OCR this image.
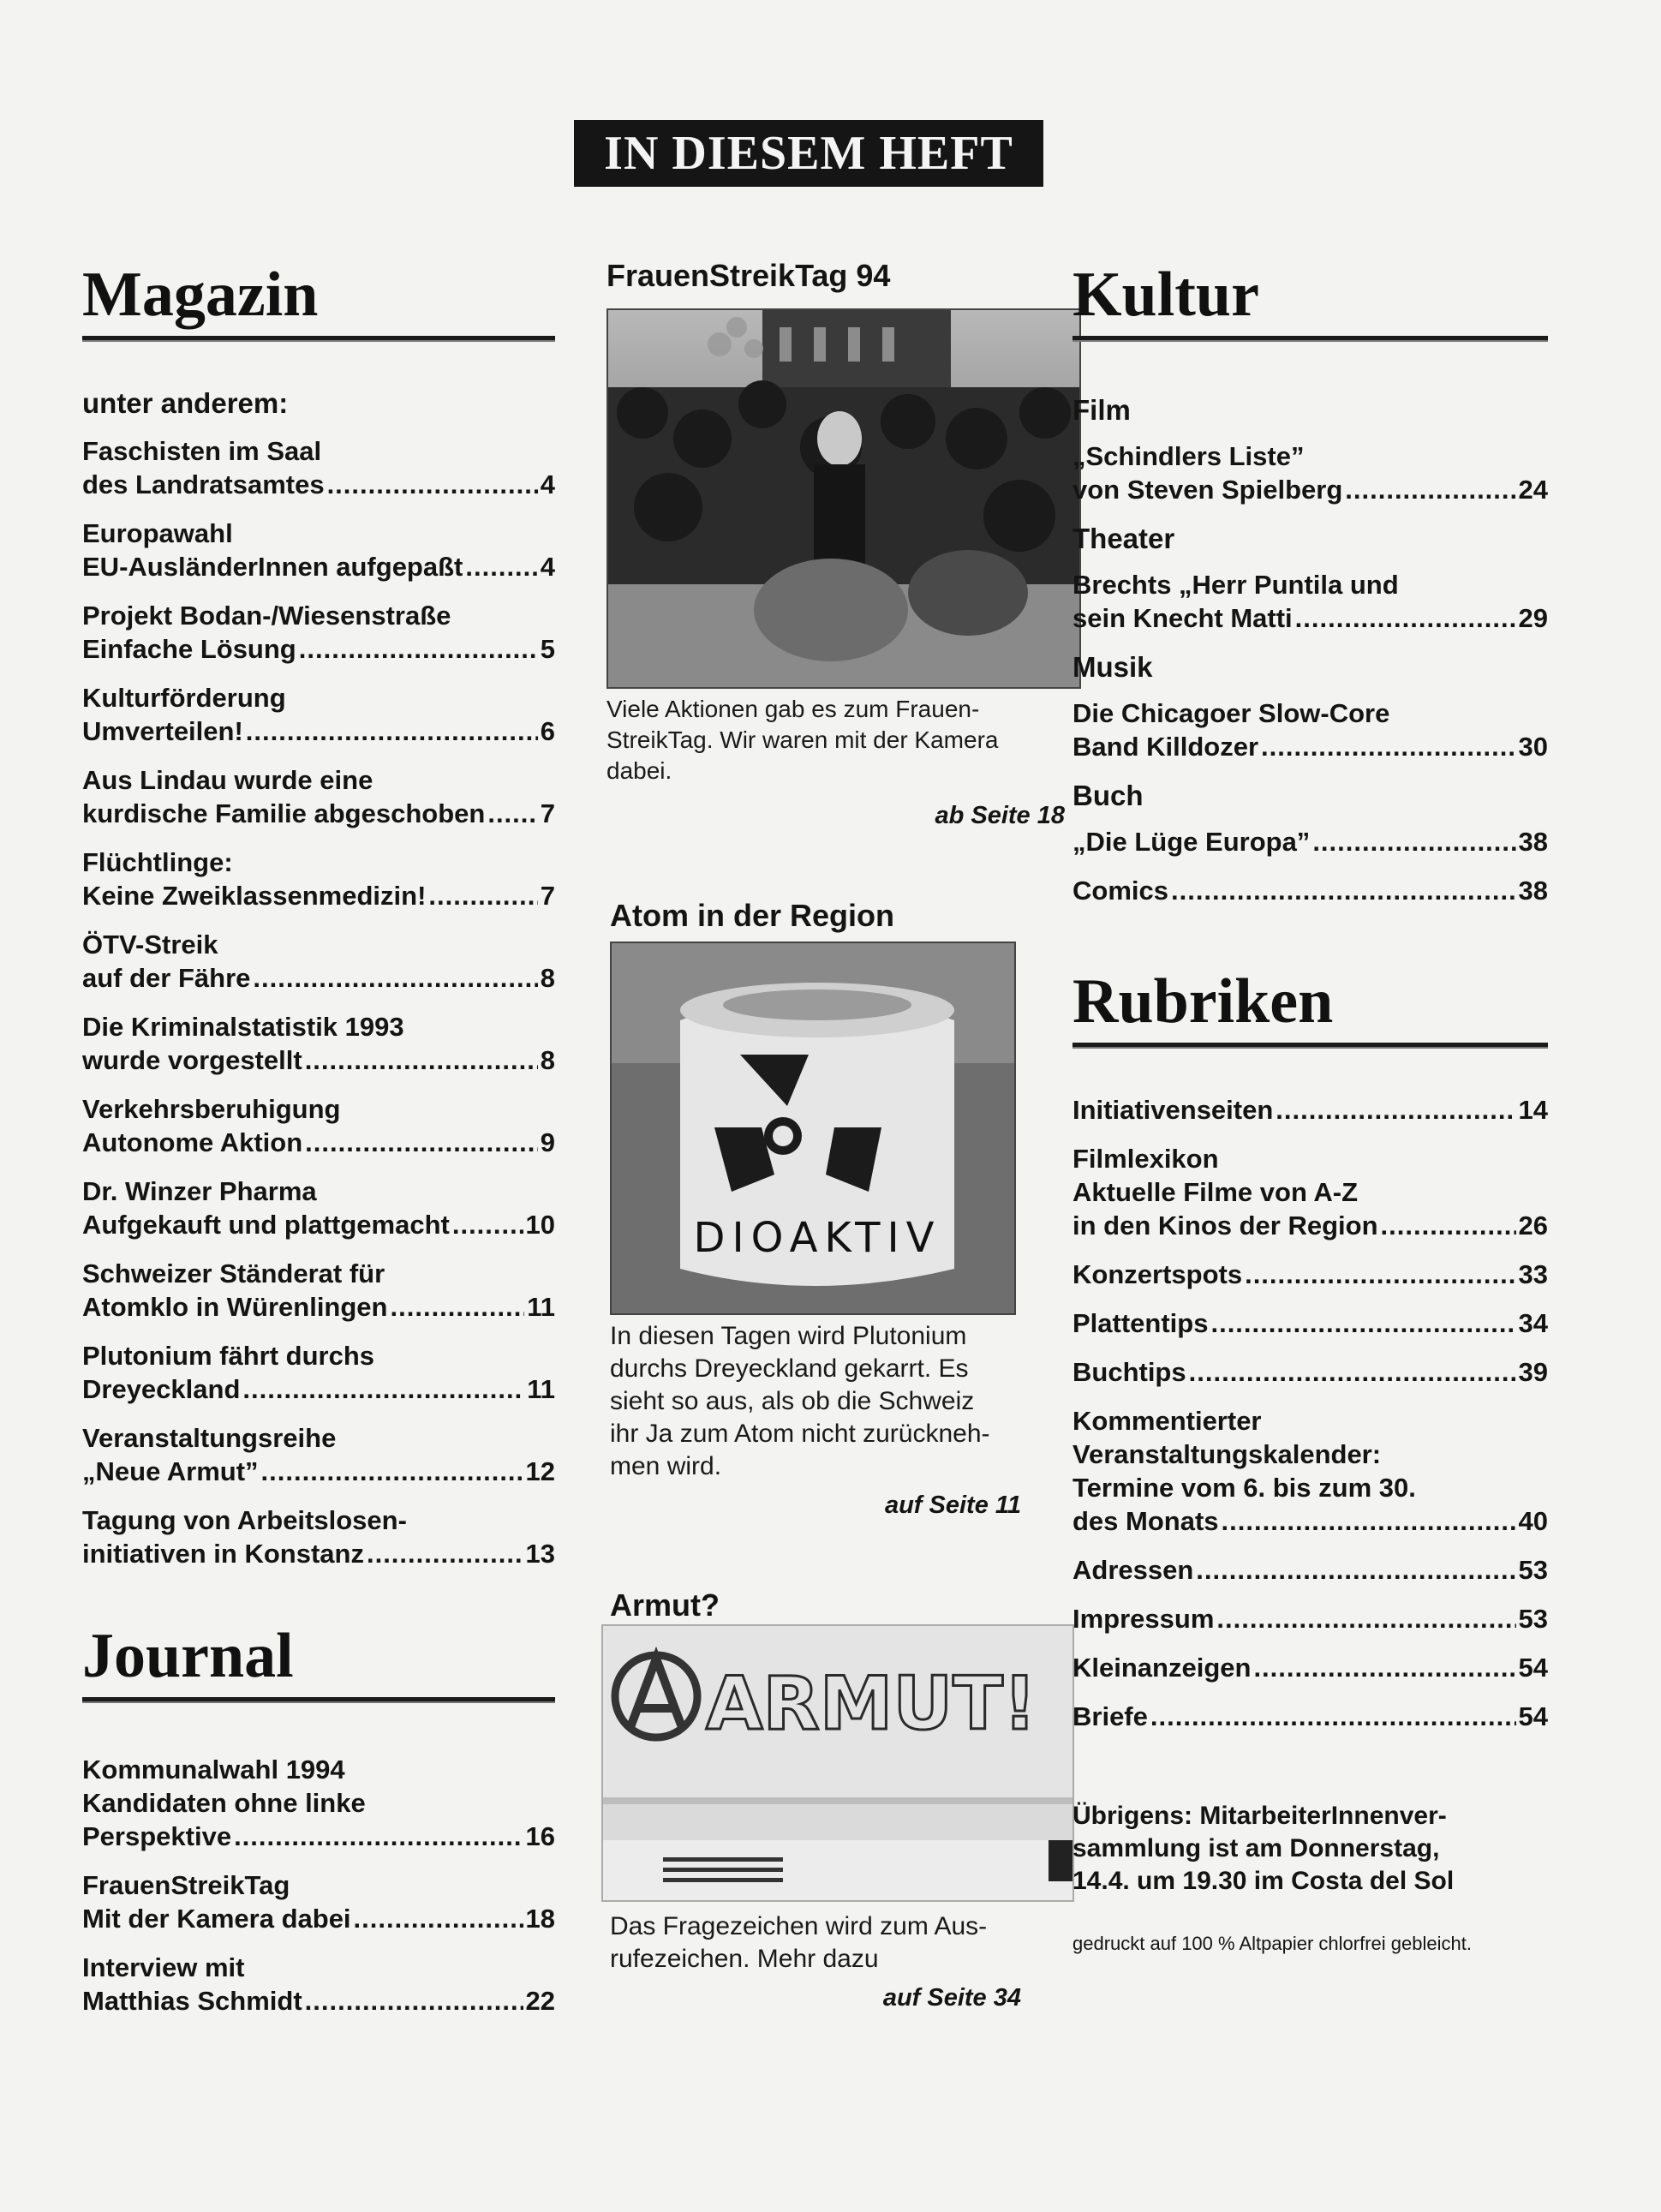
IN DIESEM HEFT
Magazin

unter anderem:

Faschisten im Saal
des Landratsamtes .....	4
Europawahl
EU-AusländerInnen aufgepaßt .....	4
Projekt Bodan-/Wiesenstraße
Einfache Lösung .....	5
Kulturförderung
Umverteilen! .....	6
Aus Lindau wurde eine
kurdische Familie abgeschoben ..... 7
Flüchtlinge:
Keine Zweiklassenmedizin! .....	7
ÖTV-Streik
auf der Fähre .....	8
Die Kriminalstatistik 1993
wurde vorgestellt .....	8
Verkehrsberuhigung
Autonome Aktion .....	9
Dr. Winzer Pharma
Aufgekauft und plattgemacht .....	10
Schweizer Ständerat für
Atomklo in Würenlingen .....	11
Plutonium fährt durchs
Dreyeckland .....	11
Veranstaltungsreihe
„Neue Armut” .....	12
Tagung von Arbeitslosen-
initiativen in Konstanz .....	13
Journal
Kommunalwahl 1994
Kandidaten ohne linke
Perspektive .....	16
FrauenStreikTag
Mit der Kamera dabei .....	18
Interview mit
Matthias Schmidt .....	22

FrauenStreikTag 94

Viele Aktionen gab es zum Frauen-

StreikTag. Wir waren mit der Kamera

dabei.

ab Seite 18

Atom in der Region

DIOAKTIV

In diesen Tagen wird Plutonium

durchs Dreyeckland gekarrt. Es

sieht so aus, als ob die Schweiz

ihr Ja zum Atom nicht zurückneh-

men wird.

auf Seite 11

Armut?

ARMUT!

Das Fragezeichen wird zum Aus-

rufezeichen. Mehr dazu

auf Seite 34

Kultur

Film

„Schindlers Liste”
von Steven Spielberg .....	24

Theater

Brechts „Herr Puntila und
sein Knecht Matti .....	29

Musik

Die Chicagoer Slow-Core
Band Killdozer .....	30

Buch

„Die Lüge Europa” .....	38
Comics .....	38
Rubriken
Initiativenseiten .....	14
Filmlexikon
Aktuelle Filme von A-Z
in den Kinos der Region .....	26
Konzertspots .....	33
Plattentips .....	34
Buchtips .....	39
Kommentierter
Veranstaltungskalender:
Termine vom 6. bis zum 30.
des Monats .....	40
Adressen .....	53
Impressum .....	53
Kleinanzeigen .....	54
Briefe .....	54

Übrigens: MitarbeiterInnenver-

sammlung ist am Donnerstag,

14.4. um 19.30 im Costa del Sol

gedruckt auf 100 % Altpapier chlorfrei gebleicht.
